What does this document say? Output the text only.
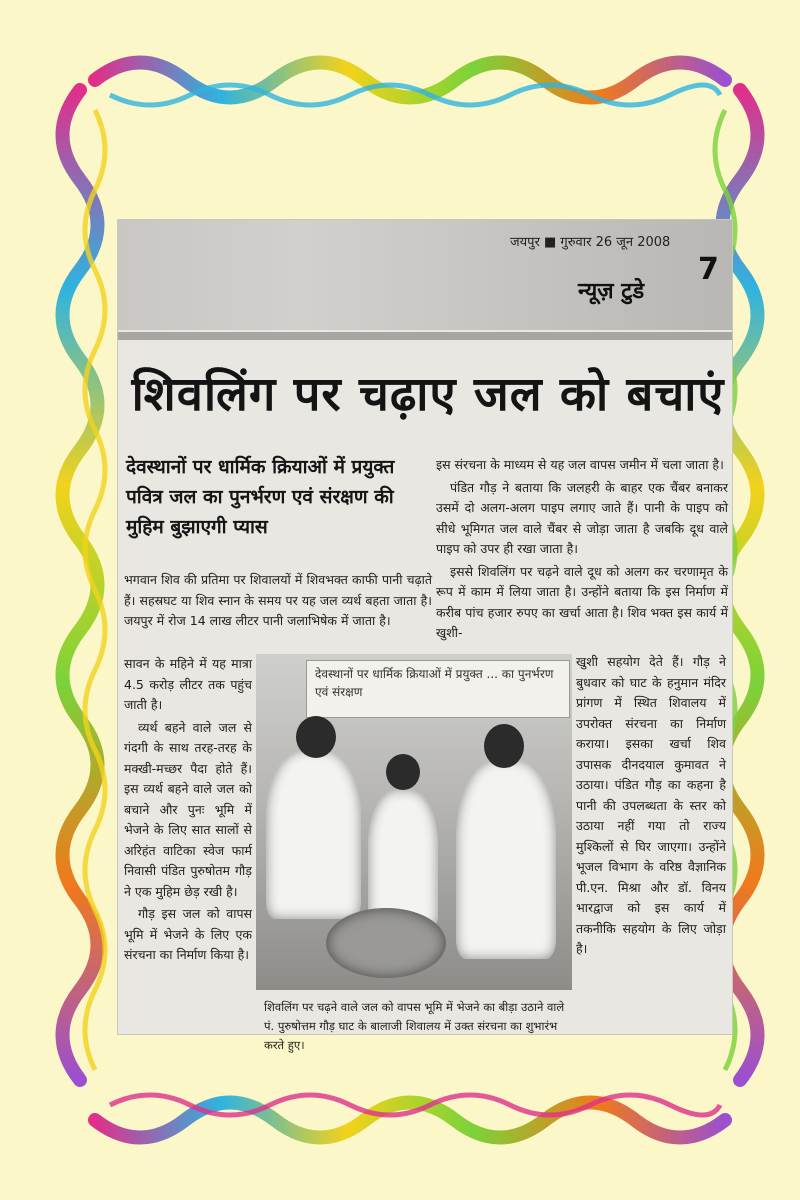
जयपुर ■ गुरुवार 26 जून 2008
न्यूज़ टुडे
7
शिवलिंग पर चढ़ाए जल को बचाएं
देवस्थानों पर धार्मिक क्रियाओं में प्रयुक्त पवित्र जल का पुनर्भरण एवं संरक्षण की मुहिम बुझाएगी प्यास

भगवान शिव की प्रतिमा पर शिवालयों में शिवभक्त काफी पानी चढ़ाते हैं। सहस्रघट या शिव स्नान के समय पर यह जल व्यर्थ बहता जाता है। जयपुर में रोज 14 लाख लीटर पानी जलाभिषेक में जाता है।

सावन के महिने में यह मात्रा 4.5 करोड़ लीटर तक पहुंच जाती है।

व्यर्थ बहने वाले जल से गंदगी के साथ तरह-तरह के मक्खी-मच्छर पैदा होते हैं। इस व्यर्थ बहने वाले जल को बचाने और पुनः भूमि में भेजने के लिए सात सालों से अरिहंत वाटिका स्वेज फार्म निवासी पंडित पुरुषोतम गौड़ ने एक मुहिम छेड़ रखी है।

गौड़ इस जल को वापस भूमि में भेजने के लिए एक संरचना का निर्माण किया है।

इस संरचना के माध्यम से यह जल वापस जमीन में चला जाता है।

पंडित गौड़ ने बताया कि जलहरी के बाहर एक चैंबर बनाकर उसमें दो अलग-अलग पाइप लगाए जाते हैं। पानी के पाइप को सीधे भूमिगत जल वाले चैंबर से जोड़ा जाता है जबकि दूध वाले पाइप को उपर ही रखा जाता है।

इससे शिवलिंग पर चढ़ने वाले दूध को अलग कर चरणामृत के रूप में काम में लिया जाता है। उन्होंने बताया कि इस निर्माण में करीब पांच हजार रुपए का खर्चा आता है। शिव भक्त इस कार्य में खुशी-

खुशी सहयोग देते हैं। गौड़ ने बुधवार को घाट के हनुमान मंदिर प्रांगण में स्थित शिवालय में उपरोक्त संरचना का निर्माण कराया। इसका खर्चा शिव उपासक दीनदयाल कुमावत ने उठाया। पंडित गौड़ का कहना है पानी की उपलब्धता के स्तर को उठाया नहीं गया तो राज्य मुश्किलों से घिर जाएगा। उन्होंने भूजल विभाग के वरिष्ठ वैज्ञानिक पी.एन. मिश्रा और डॉ. विनय भारद्वाज को इस कार्य में तकनीकि सहयोग के लिए जोड़ा है।

देवस्थानों पर धार्मिक क्रियाओं में प्रयुक्त ... का पुनर्भरण एवं संरक्षण
शिवलिंग पर चढ़ने वाले जल को वापस भूमि में भेजने का बीड़ा उठाने वाले पं. पुरुषोत्तम गौड़ घाट के बालाजी शिवालय में उक्त संरचना का शुभारंभ करते हुए।
